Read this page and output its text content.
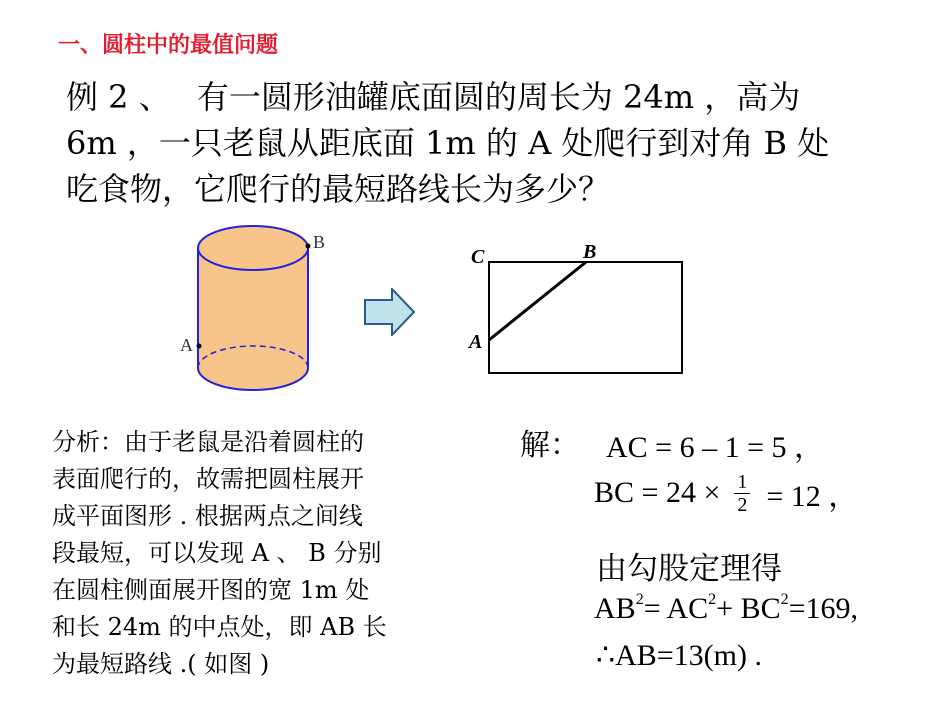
一、圆柱中的最值问题

例 2 、　 有一圆形油罐底面圆的周长为 24m ，高为

6m ，一只老鼠从距底面 1m 的 A 处爬行到对角 B 处

吃食物，它爬行的最短路线长为多少？

B
A
C	B
A

分析：由于老鼠是沿着圆柱的

表面爬行的，故需把圆柱展开

成平面图形 . 根据两点之间线

段最短，可以发现 A 、 B 分别

在圆柱侧面展开图的宽 1m 处

和长 24m 的中点处，即 AB 长

为最短路线 .( 如图 )

解： AC = 6 – 1 = 5 ，
BC = $24 \times \frac{1}{2} = 12$ ，
由勾股定理得
$AB^2= AC^2+ BC^2=169$,
∴AB=13(m) .
